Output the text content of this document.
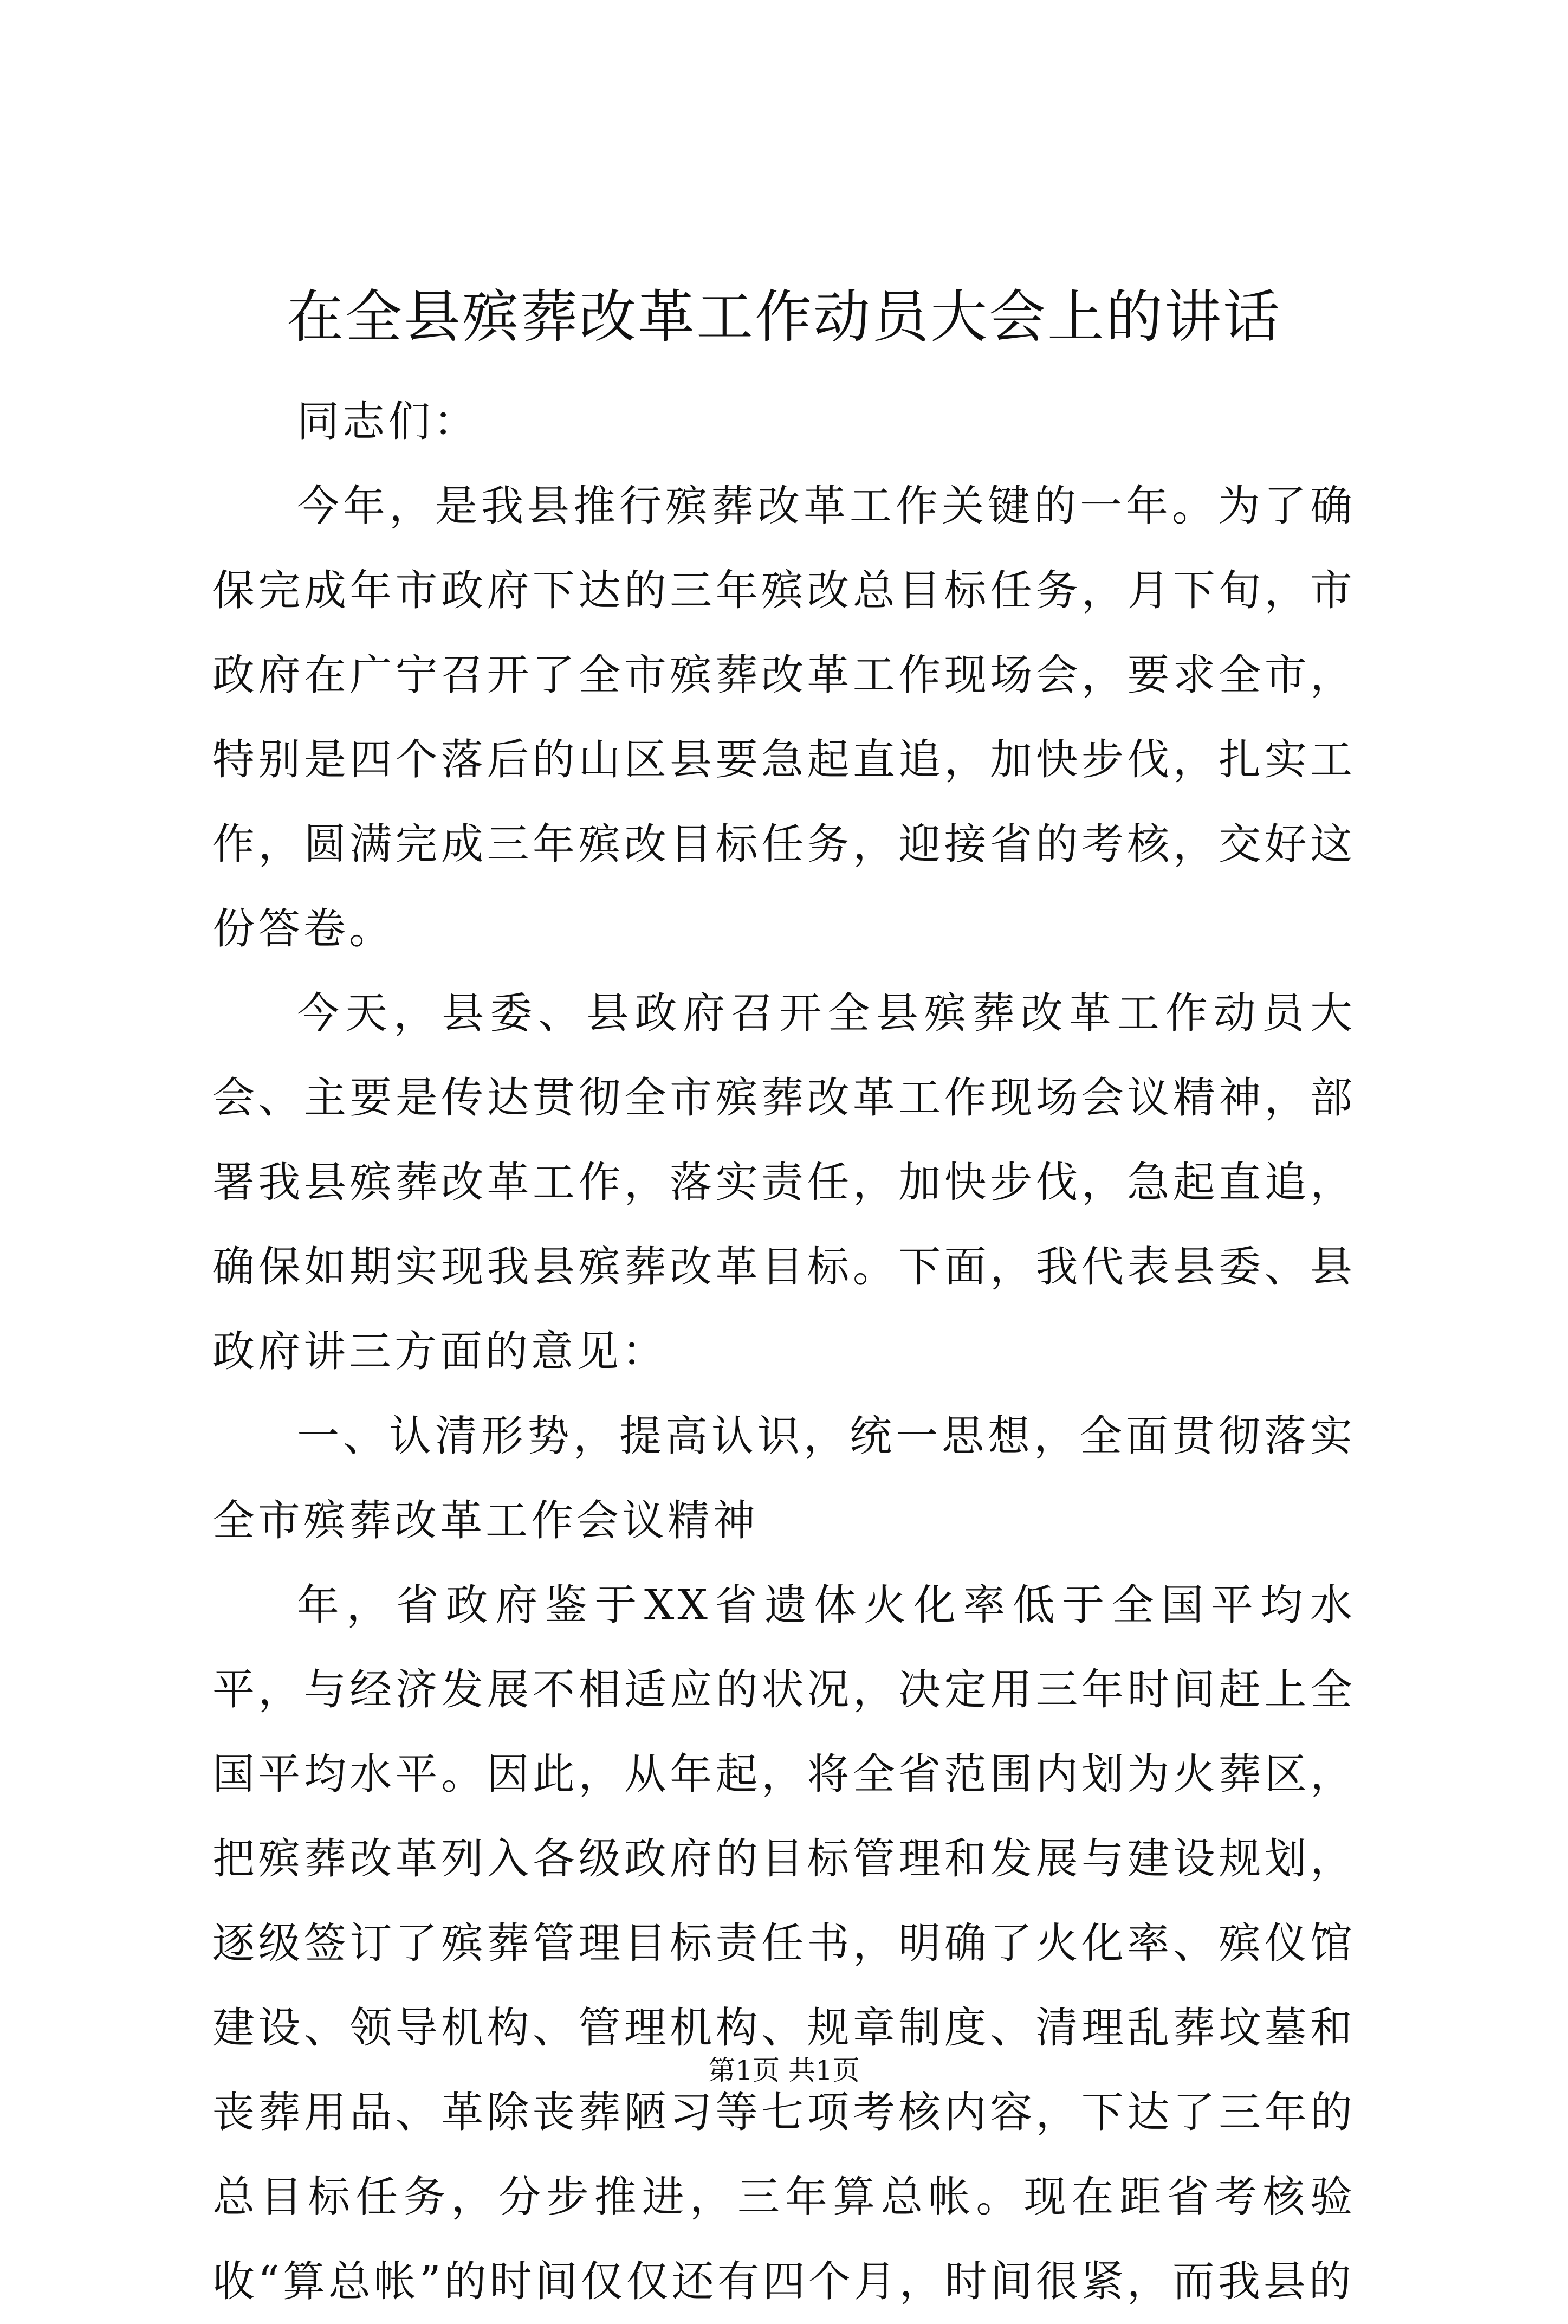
在全县殡葬改革工作动员大会上的讲话

同志们：

今年，是我县推行殡葬改革工作关键的一年。为了确保完成年市政府下达的三年殡改总目标任务，月下旬，市政府在广宁召开了全市殡葬改革工作现场会，要求全市，特别是四个落后的山区县要急起直追，加快步伐，扎实工作，圆满完成三年殡改目标任务，迎接省的考核，交好这份答卷。

今天，县委、县政府召开全县殡葬改革工作动员大会、主要是传达贯彻全市殡葬改革工作现场会议精神，部署我县殡葬改革工作，落实责任，加快步伐，急起直追，确保如期实现我县殡葬改革目标。下面，我代表县委、县政府讲三方面的意见：

一、认清形势，提高认识，统一思想，全面贯彻落实全市殡葬改革工作会议精神

年，省政府鉴于XX省遗体火化率低于全国平均水平，与经济发展不相适应的状况，决定用三年时间赶上全国平均水平。因此，从年起，将全省范围内划为火葬区，把殡葬改革列入各级政府的目标管理和发展与建设规划，逐级签订了殡葬管理目标责任书，明确了火化率、殡仪馆建设、领导机构、管理机构、规章制度、清理乱葬坟墓和丧葬用品、革除丧葬陋习等七项考核内容，下达了三年的总目标任务，分步推进，三年算总帐。现在距省考核验收“算总帐”的时间仅仅还有四个月，时间很紧，而我县的

第1页 共1页
